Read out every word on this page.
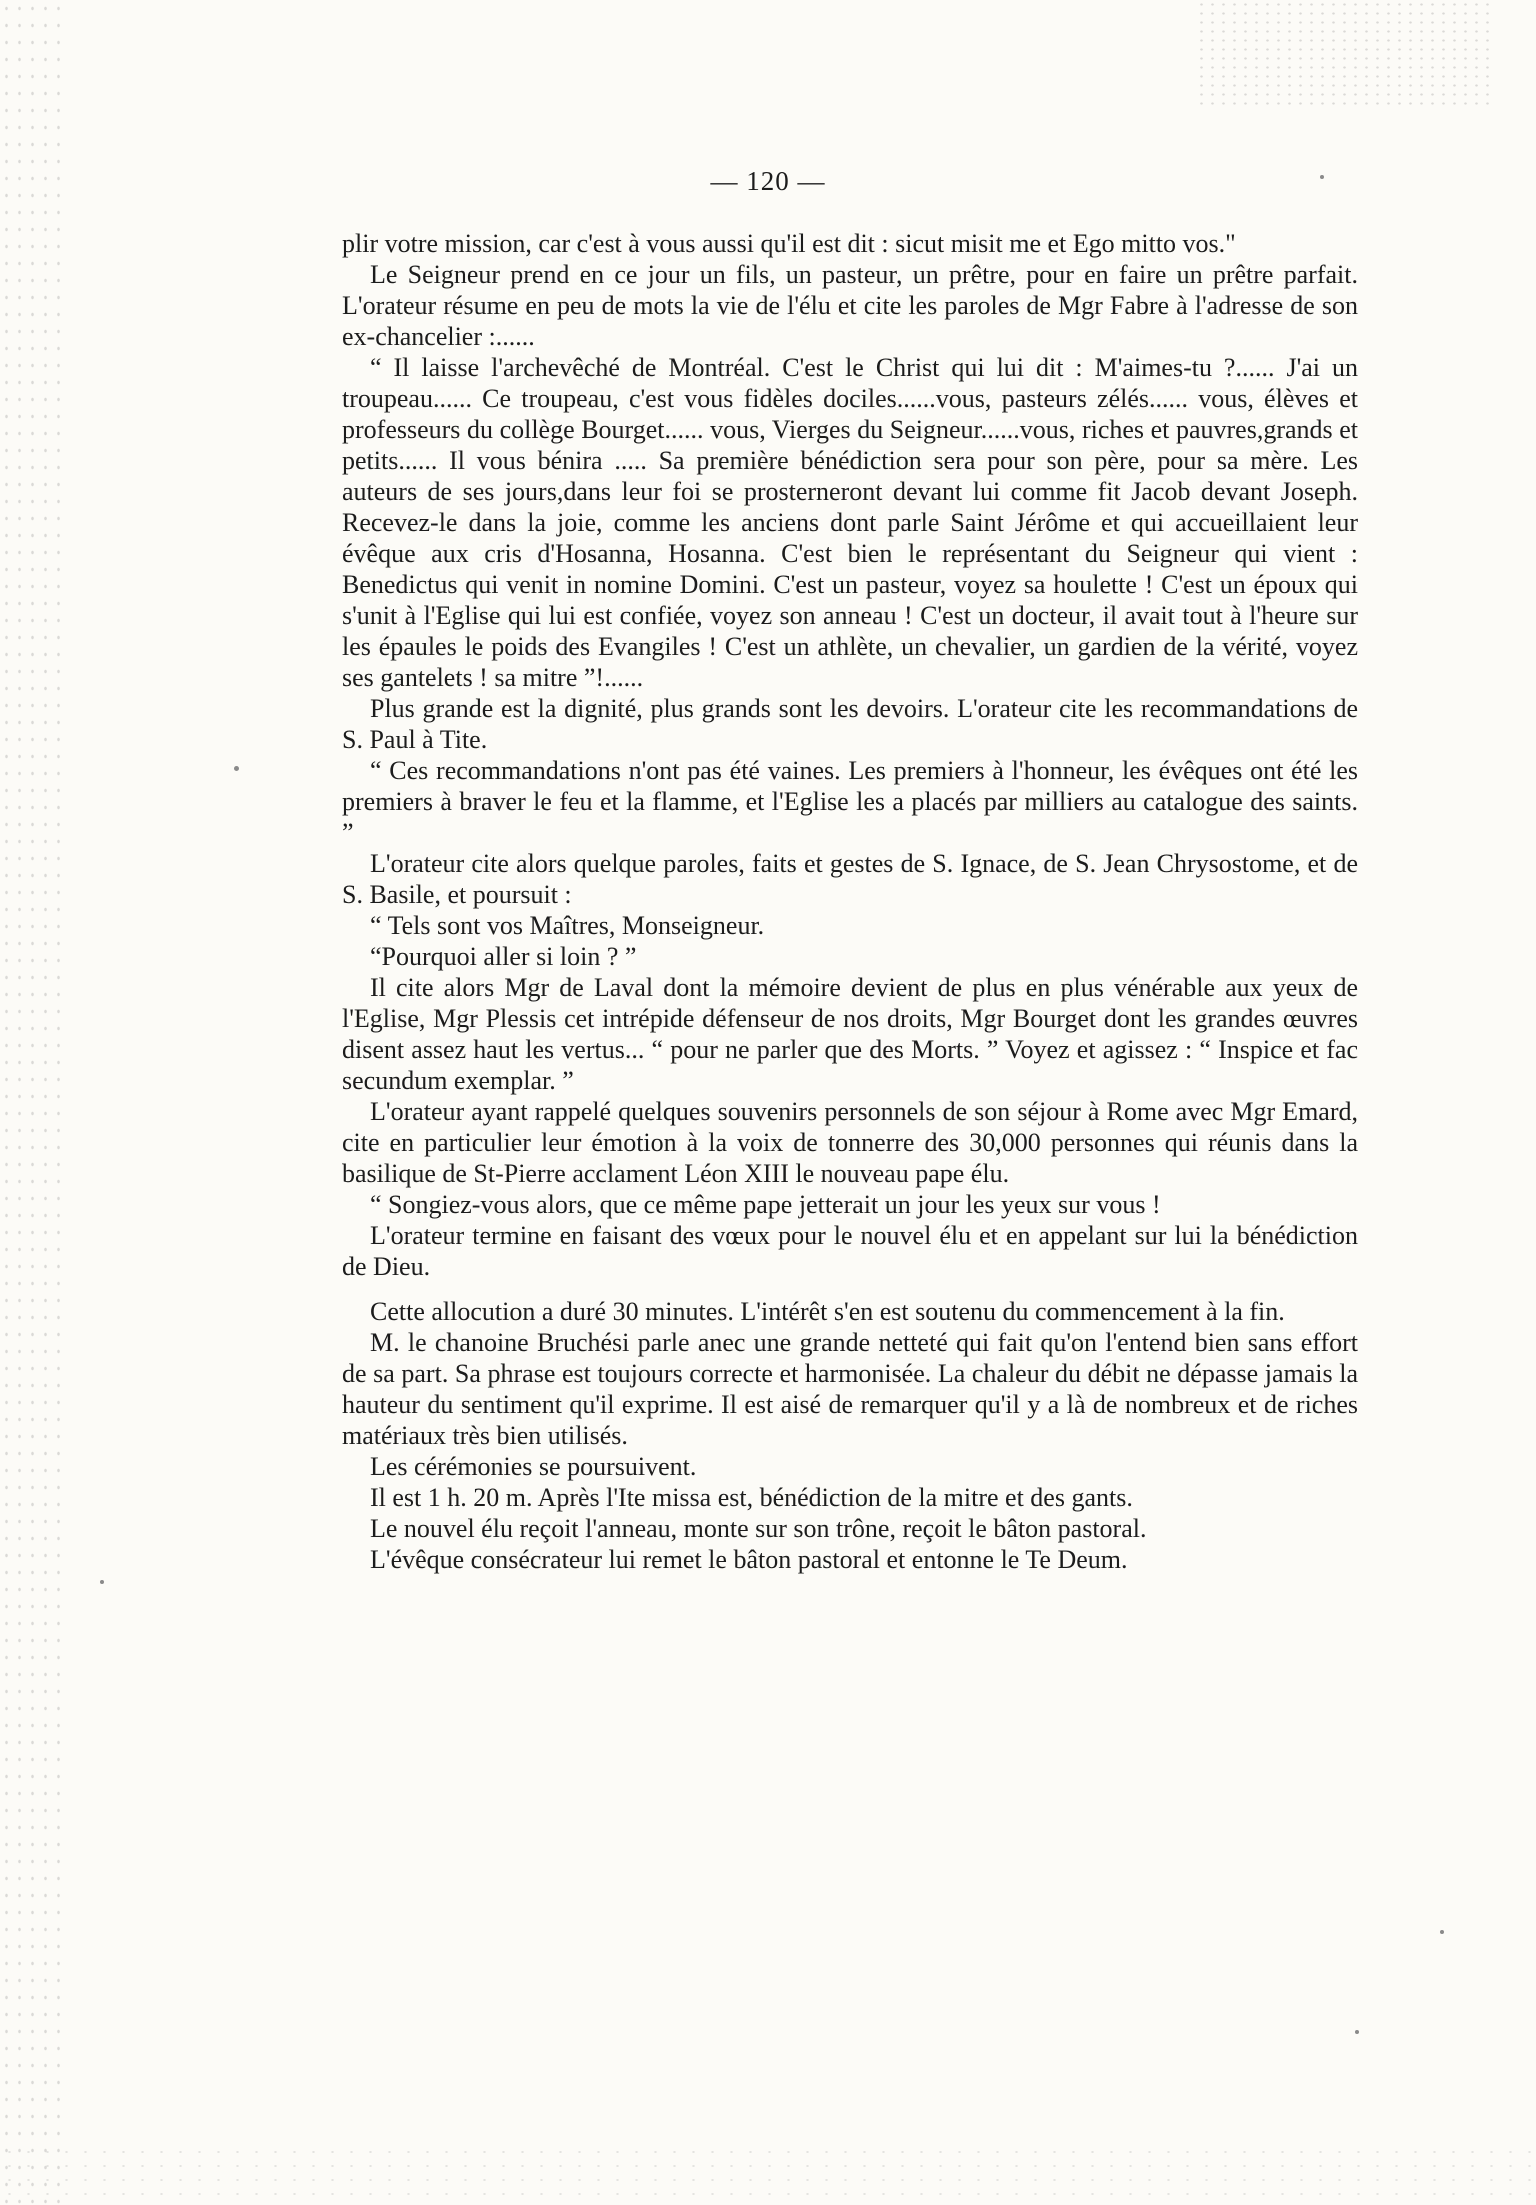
— 120 —

plir votre mission, car c'est à vous aussi qu'il est dit : sicut misit me et Ego mitto vos."

Le Seigneur prend en ce jour un fils, un pasteur, un prêtre, pour en faire un prêtre parfait. L'orateur résume en peu de mots la vie de l'élu et cite les paroles de Mgr Fabre à l'adresse de son ex-chancelier :......

“ Il laisse l'archevêché de Montréal. C'est le Christ qui lui dit : M'aimes-tu ?...... J'ai un troupeau...... Ce troupeau, c'est vous fidèles dociles......vous, pasteurs zélés...... vous, élèves et professeurs du collège Bourget...... vous, Vierges du Seigneur......vous, riches et pauvres,grands et petits...... Il vous bénira ..... Sa première bénédiction sera pour son père, pour sa mère. Les auteurs de ses jours,dans leur foi se prosterneront devant lui comme fit Jacob devant Joseph. Recevez-le dans la joie, comme les anciens dont parle Saint Jérôme et qui accueillaient leur évêque aux cris d'Hosanna, Hosanna. C'est bien le représentant du Seigneur qui vient : Benedictus qui venit in nomine Domini. C'est un pasteur, voyez sa houlette ! C'est un époux qui s'unit à l'Eglise qui lui est confiée, voyez son anneau ! C'est un docteur, il avait tout à l'heure sur les épaules le poids des Evangiles ! C'est un athlète, un chevalier, un gardien de la vérité, voyez ses gantelets ! sa mitre ”!......

Plus grande est la dignité, plus grands sont les devoirs. L'orateur cite les recommandations de S. Paul à Tite.

“ Ces recommandations n'ont pas été vaines. Les premiers à l'honneur, les évêques ont été les premiers à braver le feu et la flamme, et l'Eglise les a placés par milliers au catalogue des saints. ”

L'orateur cite alors quelque paroles, faits et gestes de S. Ignace, de S. Jean Chrysostome, et de S. Basile, et poursuit :

“ Tels sont vos Maîtres, Monseigneur.

“Pourquoi aller si loin ? ”

Il cite alors Mgr de Laval dont la mémoire devient de plus en plus vénérable aux yeux de l'Eglise, Mgr Plessis cet intrépide défenseur de nos droits, Mgr Bourget dont les grandes œuvres disent assez haut les vertus... “ pour ne parler que des Morts. ” Voyez et agissez : “ Inspice et fac secundum exemplar. ”

L'orateur ayant rappelé quelques souvenirs personnels de son séjour à Rome avec Mgr Emard, cite en particulier leur émotion à la voix de tonnerre des 30,000 personnes qui réunis dans la basilique de St-Pierre acclament Léon XIII le nouveau pape élu.

“ Songiez-vous alors, que ce même pape jetterait un jour les yeux sur vous !

L'orateur termine en faisant des vœux pour le nouvel élu et en appelant sur lui la bénédiction de Dieu.

Cette allocution a duré 30 minutes. L'intérêt s'en est soutenu du commencement à la fin.

M. le chanoine Bruchési parle anec une grande netteté qui fait qu'on l'entend bien sans effort de sa part. Sa phrase est toujours correcte et harmonisée. La chaleur du débit ne dépasse jamais la hauteur du sentiment qu'il exprime. Il est aisé de remarquer qu'il y a là de nombreux et de riches matériaux très bien utilisés.

Les cérémonies se poursuivent.

Il est 1 h. 20 m. Après l'Ite missa est, bénédiction de la mitre et des gants.

Le nouvel élu reçoit l'anneau, monte sur son trône, reçoit le bâton pastoral.

L'évêque consécrateur lui remet le bâton pastoral et entonne le Te Deum.
